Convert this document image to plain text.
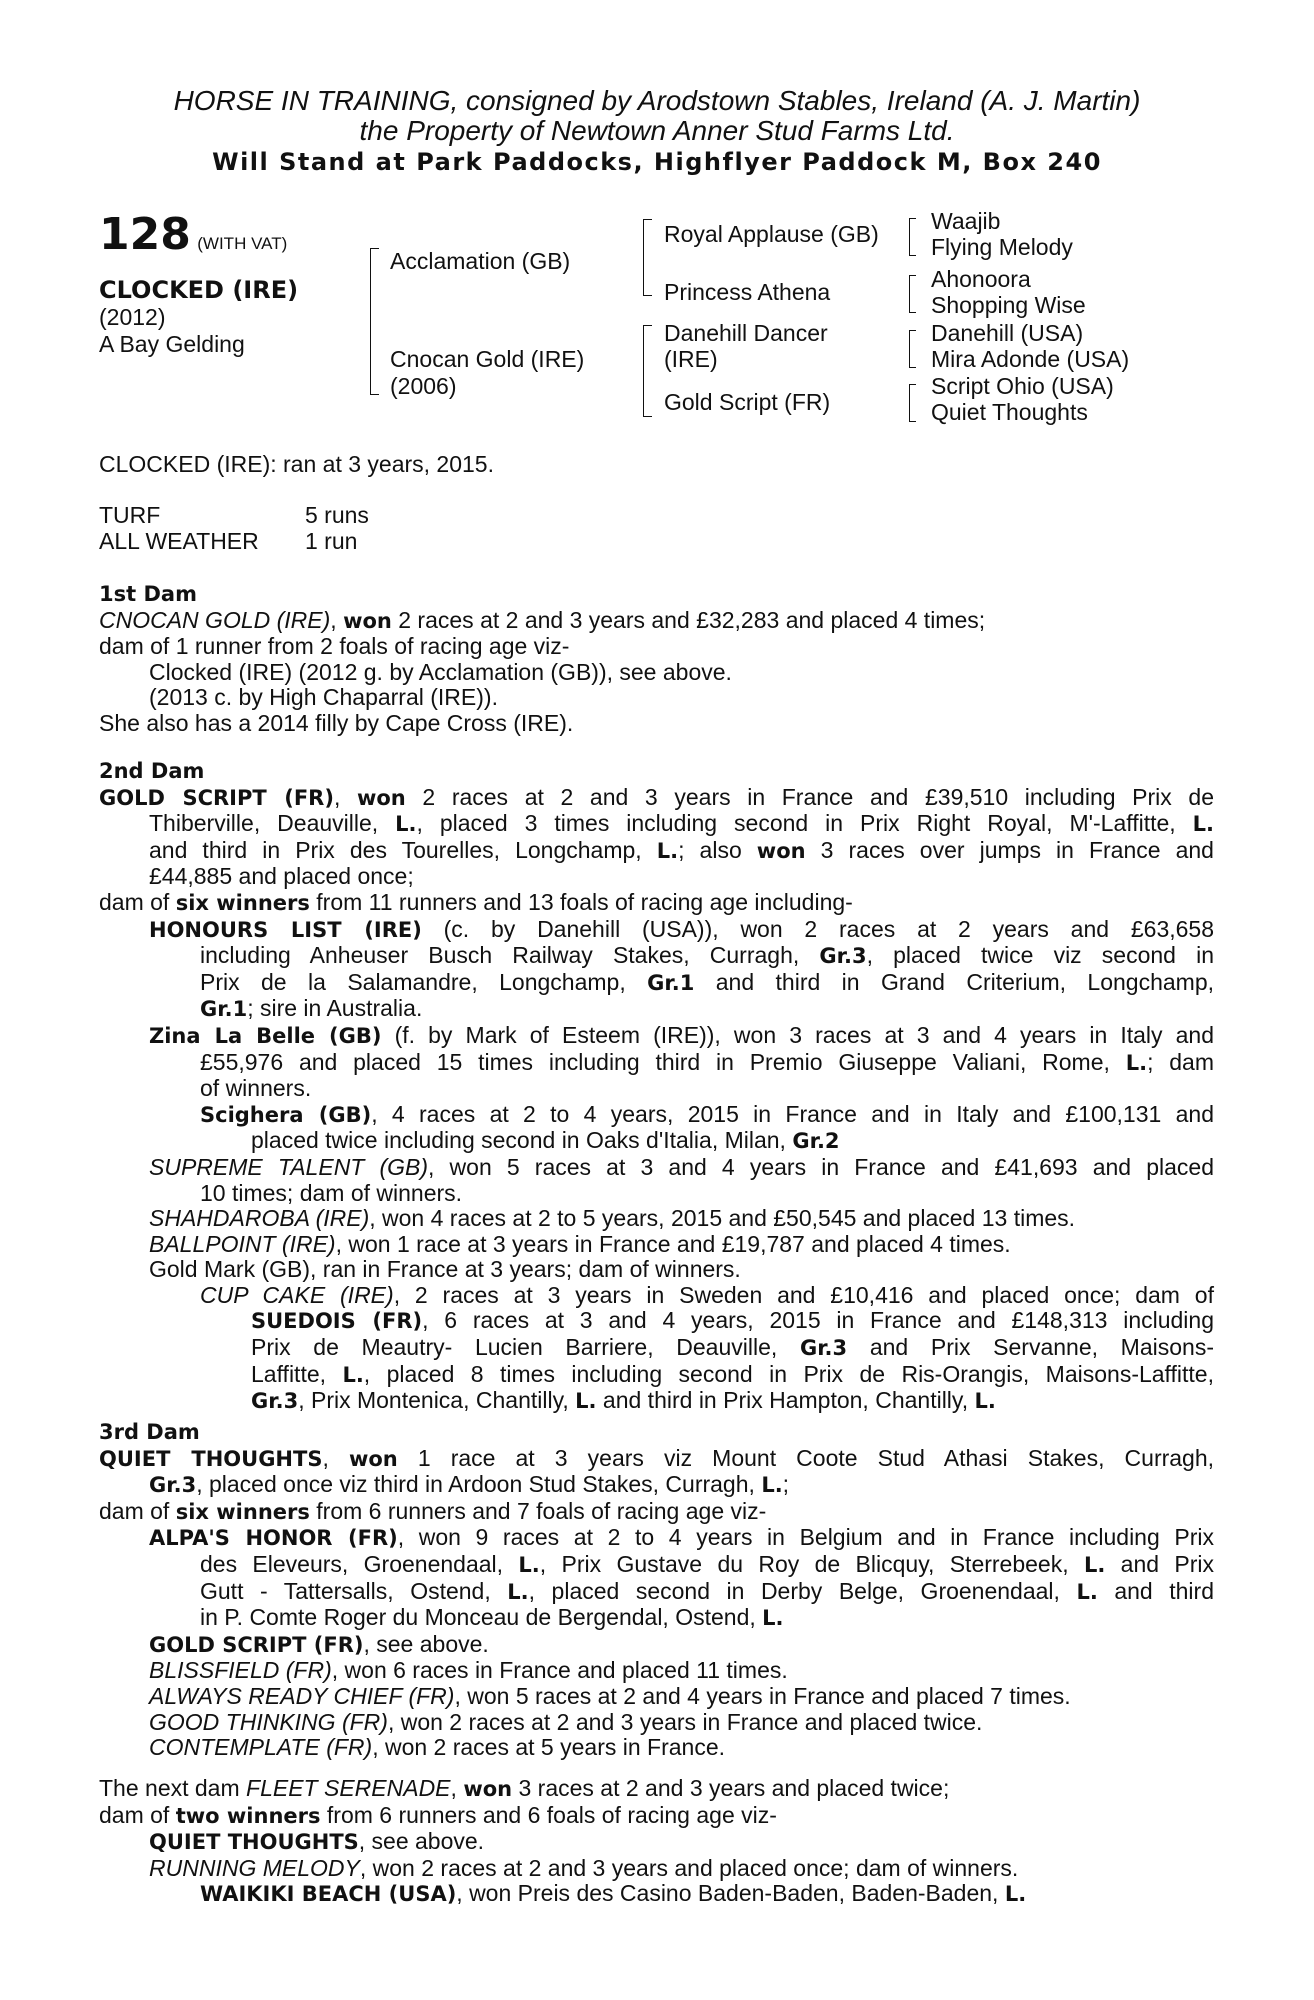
HORSE IN TRAINING, consigned by Arodstown Stables, Ireland (A. J. Martin)
the Property of Newtown Anner Stud Farms Ltd.
Will Stand at Park Paddocks, Highflyer Paddock M, Box 240
128 (WITH VAT)
CLOCKED (IRE)
(2012)
A Bay Gelding
Acclamation (GB)
Cnocan Gold (IRE)
(2006)
Royal Applause (GB)
Princess Athena
Danehill Dancer
(IRE)
Gold Script (FR)
Waajib
Flying Melody
Ahonoora
Shopping Wise
Danehill (USA)
Mira Adonde (USA)
Script Ohio (USA)
Quiet Thoughts
CLOCKED (IRE): ran at 3 years, 2015.
TURF	5 runs
ALL WEATHER	1 run
1st Dam
CNOCAN GOLD (IRE), won 2 races at 2 and 3 years and £32,283 and placed 4 times;
dam of 1 runner from 2 foals of racing age viz-
Clocked (IRE) (2012 g. by Acclamation (GB)), see above.
(2013 c. by High Chaparral (IRE)).
She also has a 2014 filly by Cape Cross (IRE).
2nd Dam
GOLD SCRIPT (FR), won 2 races at 2 and 3 years in France and £39,510 including Prix de
Thiberville, Deauville, L., placed 3 times including second in Prix Right Royal, M'-Laffitte, L.
and third in Prix des Tourelles, Longchamp, L.; also won 3 races over jumps in France and
£44,885 and placed once;
dam of six winners from 11 runners and 13 foals of racing age including-
HONOURS LIST (IRE) (c. by Danehill (USA)), won 2 races at 2 years and £63,658
including Anheuser Busch Railway Stakes, Curragh, Gr.3, placed twice viz second in
Prix de la Salamandre, Longchamp, Gr.1 and third in Grand Criterium, Longchamp,
Gr.1; sire in Australia.
Zina La Belle (GB) (f. by Mark of Esteem (IRE)), won 3 races at 3 and 4 years in Italy and
£55,976 and placed 15 times including third in Premio Giuseppe Valiani, Rome, L.; dam
of winners.
Scighera (GB), 4 races at 2 to 4 years, 2015 in France and in Italy and £100,131 and
placed twice including second in Oaks d'Italia, Milan, Gr.2
SUPREME TALENT (GB), won 5 races at 3 and 4 years in France and £41,693 and placed
10 times; dam of winners.
SHAHDAROBA (IRE), won 4 races at 2 to 5 years, 2015 and £50,545 and placed 13 times.
BALLPOINT (IRE), won 1 race at 3 years in France and £19,787 and placed 4 times.
Gold Mark (GB), ran in France at 3 years; dam of winners.
CUP CAKE (IRE), 2 races at 3 years in Sweden and £10,416 and placed once; dam of
SUEDOIS (FR), 6 races at 3 and 4 years, 2015 in France and £148,313 including
Prix de Meautry- Lucien Barriere, Deauville, Gr.3 and Prix Servanne, Maisons-
Laffitte, L., placed 8 times including second in Prix de Ris-Orangis, Maisons-Laffitte,
Gr.3, Prix Montenica, Chantilly, L. and third in Prix Hampton, Chantilly, L.
3rd Dam
QUIET THOUGHTS, won 1 race at 3 years viz Mount Coote Stud Athasi Stakes, Curragh,
Gr.3, placed once viz third in Ardoon Stud Stakes, Curragh, L.;
dam of six winners from 6 runners and 7 foals of racing age viz-
ALPA'S HONOR (FR), won 9 races at 2 to 4 years in Belgium and in France including Prix
des Eleveurs, Groenendaal, L., Prix Gustave du Roy de Blicquy, Sterrebeek, L. and Prix
Gutt - Tattersalls, Ostend, L., placed second in Derby Belge, Groenendaal, L. and third
in P. Comte Roger du Monceau de Bergendal, Ostend, L.
GOLD SCRIPT (FR), see above.
BLISSFIELD (FR), won 6 races in France and placed 11 times.
ALWAYS READY CHIEF (FR), won 5 races at 2 and 4 years in France and placed 7 times.
GOOD THINKING (FR), won 2 races at 2 and 3 years in France and placed twice.
CONTEMPLATE (FR), won 2 races at 5 years in France.
The next dam FLEET SERENADE, won 3 races at 2 and 3 years and placed twice;
dam of two winners from 6 runners and 6 foals of racing age viz-
QUIET THOUGHTS, see above.
RUNNING MELODY, won 2 races at 2 and 3 years and placed once; dam of winners.
WAIKIKI BEACH (USA), won Preis des Casino Baden-Baden, Baden-Baden, L.
